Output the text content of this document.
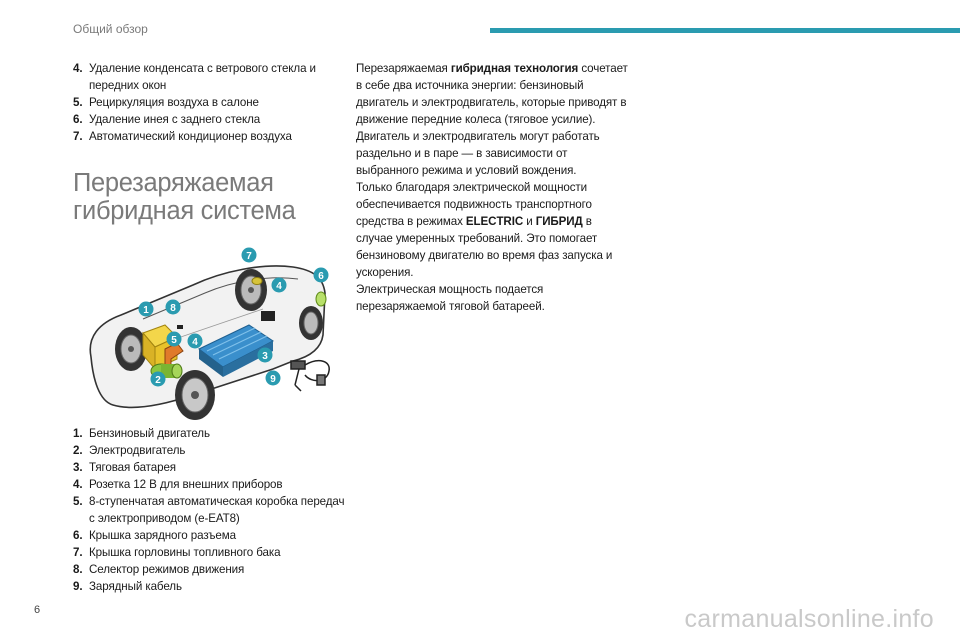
Общий обзор
4. Удаление конденсата с ветрового стекла и передних окон
5. Рециркуляция воздуха в салоне
6. Удаление инея с заднего стекла
7. Автоматический кондиционер воздуха
Перезаряжаемая гибридная система
1 8
5 4
2
7
4
6
3
9
1. Бензиновый двигатель
2. Электродвигатель
3. Тяговая батарея
4. Розетка 12 В для внешних приборов
5. 8-ступенчатая автоматическая коробка передач с электроприводом (e-EAT8)
6. Крышка зарядного разъема
7. Крышка горловины топливного бака
8. Селектор режимов движения
9. Зарядный кабель

Перезаряжаемая гибридная технология сочетает в себе два источника энергии: бензиновый двигатель и электродвигатель, которые приводят в движение передние колеса (тяговое усилие).

Двигатель и электродвигатель могут работать раздельно и в паре — в зависимости от выбранного режима и условий вождения.

Только благодаря электрической мощности обеспечивается подвижность транспортного средства в режимах ELECTRIC и ГИБРИД в случае умеренных требований. Это помогает бензиновому двигателю во время фаз запуска и ускорения.

Электрическая мощность подается перезаряжаемой тяговой батареей.

6	carmanualsonline.info
